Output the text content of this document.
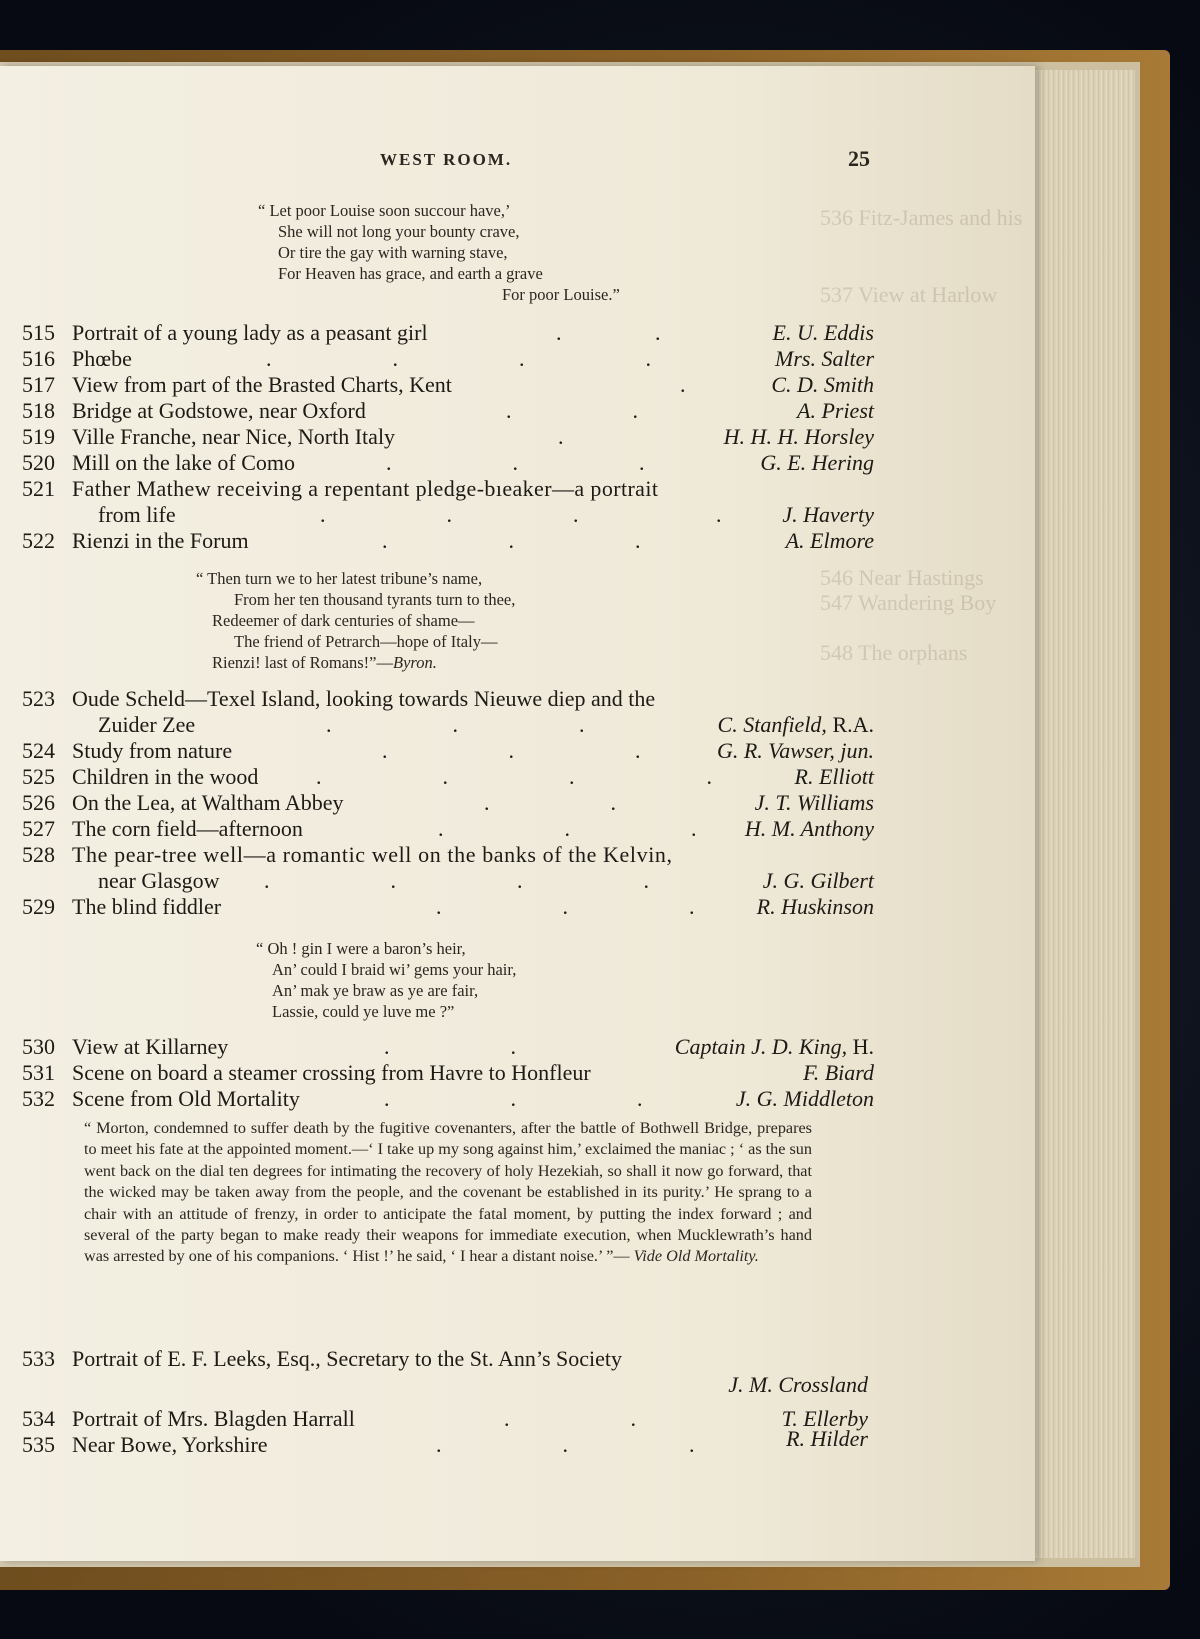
536 Fitz-James and his
537 View at Harlow
546 Near Hastings
547 Wandering Boy
548 The orphans
WEST ROOM.	25
“ Let poor Louise soon succour have,’
She will not long your bounty crave,
Or tire the gay with warning stave,
For Heaven has grace, and earth a grave
For poor Louise.”
515 Portrait of a young lady as a peasant girl	.                 .	E. U. Eddis
516 Phœbe	.                      .                      .                      .	Mrs. Salter
517 View from part of the Brasted Charts, Kent	.	C. D. Smith
518 Bridge at Godstowe, near Oxford	.                      .	A. Priest
519 Ville Franche, near Nice, North Italy	.	H. H. H. Horsley
520 Mill on the lake of Como	.                      .                      .	G. E. Hering
521 Father Mathew receiving a repentant pledge-bıeaker—a portrait
from life	.                      .                      .                         .	J. Haverty
522 Rienzi in the Forum	.                      .                      .	A. Elmore
“ Then turn we to her latest tribune’s name,
From her ten thousand tyrants turn to thee,
Redeemer of dark centuries of shame—
The friend of Petrarch—hope of Italy—
Rienzi! last of Romans!”—Byron.
523 Oude Scheld—Texel Island, looking towards Nieuwe diep and the
Zuider Zee	.                      .                      .	C. Stanfield, R.A.
524 Study from nature	.                      .                      .	G. R. Vawser, jun.
525 Children in the wood	.                      .                      .                        .	R. Elliott
526 On the Lea, at Waltham Abbey	.                      .	J. T. Williams
527 The corn field—afternoon	.                      .                      . H. M. Anthony
528 The pear-tree well—a romantic well on the banks of the Kelvin,
near Glasgow .                      .                      .                      .	J. G. Gilbert
529 The blind fiddler	.                      .                      .	R. Huskinson
“ Oh ! gin I were a baron’s heir,
An’ could I braid wi’ gems your hair,
An’ mak ye braw as ye are fair,
Lassie, could ye luve me ?”
530 View at Killarney	.                      .	Captain J. D. King, H.
531 Scene on board a steamer crossing from Havre to Honfleur	F. Biard
532 Scene from Old Mortality	.                      .                      .	J. G. Middleton
“ Morton, condemned to suffer death by the fugitive covenanters, after the battle of Bothwell Bridge, prepares to meet his fate at the appointed moment.—‘ I take up my song against him,’ exclaimed the maniac ; ‘ as the sun went back on the dial ten degrees for intimating the recovery of holy Hezekiah, so shall it now go forward, that the wicked may be taken away from the people, and the covenant be established in its purity.’ He sprang to a chair with an attitude of frenzy, in order to anticipate the fatal moment, by putting the index forward ; and several of the party began to make ready their weapons for immediate execution, when Mucklewrath’s hand was arrested by one of his companions. ‘ Hist !’ he said, ‘ I hear a distant noise.’ ”— Vide Old Mortality.
533 Portrait of E. F. Leeks, Esq., Secretary to the St. Ann’s Society
J. M. Crossland
534 Portrait of Mrs. Blagden Harrall	.                      .	T. Ellerby
535 Near Bowe, Yorkshire	.                      .                      .	R. Hilder
